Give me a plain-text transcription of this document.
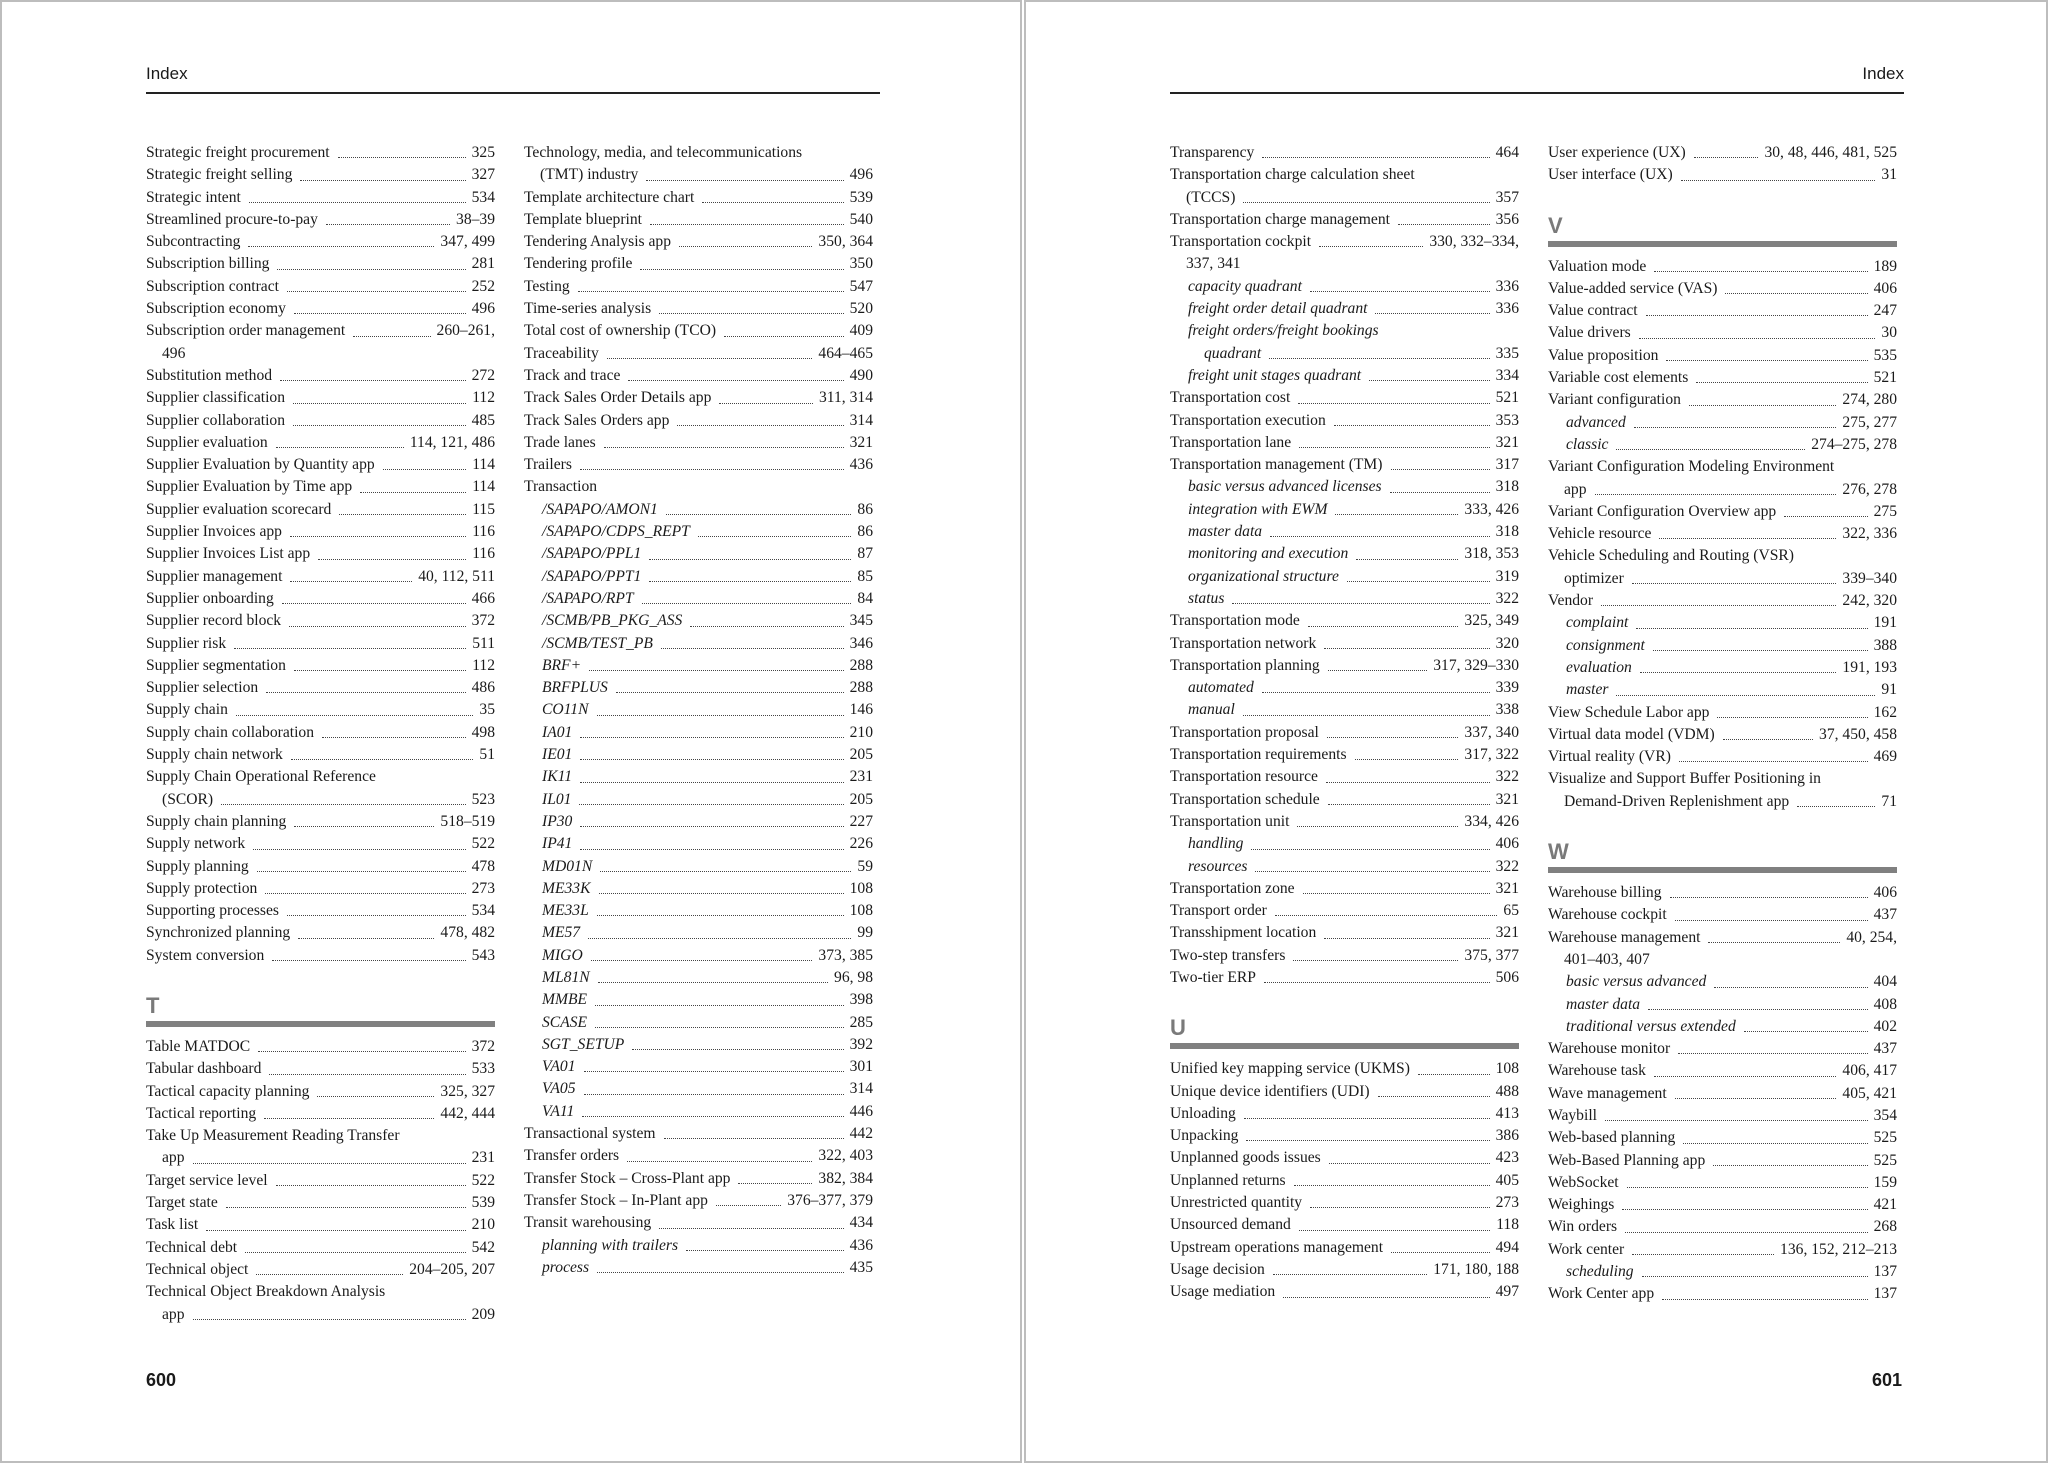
Index
Strategic freight procurement	325
Strategic freight selling	327
Strategic intent	534
Streamlined procure-to-pay	38–39
Subcontracting	347, 499
Subscription billing	281
Subscription contract	252
Subscription economy	496
Subscription order management	260–261,
496
Substitution method	272
Supplier classification	112
Supplier collaboration	485
Supplier evaluation	114, 121, 486
Supplier Evaluation by Quantity app	114
Supplier Evaluation by Time app	114
Supplier evaluation scorecard	115
Supplier Invoices app	116
Supplier Invoices List app	116
Supplier management	40, 112, 511
Supplier onboarding	466
Supplier record block	372
Supplier risk	511
Supplier segmentation	112
Supplier selection	486
Supply chain	35
Supply chain collaboration	498
Supply chain network	51
Supply Chain Operational Reference
(SCOR)	523
Supply chain planning	518–519
Supply network	522
Supply planning	478
Supply protection	273
Supporting processes	534
Synchronized planning	478, 482
System conversion	543
T
Table MATDOC	372
Tabular dashboard	533
Tactical capacity planning	325, 327
Tactical reporting	442, 444
Take Up Measurement Reading Transfer
app	231
Target service level	522
Target state	539
Task list	210
Technical debt	542
Technical object	204–205, 207
Technical Object Breakdown Analysis
app	209
Technology, media, and telecommunications
(TMT) industry	496
Template architecture chart	539
Template blueprint	540
Tendering Analysis app	350, 364
Tendering profile	350
Testing	547
Time-series analysis	520
Total cost of ownership (TCO)	409
Traceability	464–465
Track and trace	490
Track Sales Order Details app	311, 314
Track Sales Orders app	314
Trade lanes	321
Trailers	436
Transaction
/SAPAPO/AMON1	86
/SAPAPO/CDPS_REPT	86
/SAPAPO/PPL1	87
/SAPAPO/PPT1	85
/SAPAPO/RPT	84
/SCMB/PB_PKG_ASS	345
/SCMB/TEST_PB	346
BRF+	288
BRFPLUS	288
CO11N	146
IA01	210
IE01	205
IK11	231
IL01	205
IP30	227
IP41	226
MD01N	59
ME33K	108
ME33L	108
ME57	99
MIGO	373, 385
ML81N	96, 98
MMBE	398
SCASE	285
SGT_SETUP	392
VA01	301
VA05	314
VA11	446
Transactional system	442
Transfer orders	322, 403
Transfer Stock – Cross-Plant app	382, 384
Transfer Stock – In-Plant app	376–377, 379
Transit warehousing	434
planning with trailers	436
process	435
600
Index
Transparency	464
Transportation charge calculation sheet
(TCCS)	357
Transportation charge management	356
Transportation cockpit	330, 332–334,
337, 341
capacity quadrant	336
freight order detail quadrant	336
freight orders/freight bookings
quadrant	335
freight unit stages quadrant	334
Transportation cost	521
Transportation execution	353
Transportation lane	321
Transportation management (TM)	317
basic versus advanced licenses	318
integration with EWM	333, 426
master data	318
monitoring and execution	318, 353
organizational structure	319
status	322
Transportation mode	325, 349
Transportation network	320
Transportation planning	317, 329–330
automated	339
manual	338
Transportation proposal	337, 340
Transportation requirements	317, 322
Transportation resource	322
Transportation schedule	321
Transportation unit	334, 426
handling	406
resources	322
Transportation zone	321
Transport order	65
Transshipment location	321
Two-step transfers	375, 377
Two-tier ERP	506
U
Unified key mapping service (UKMS)	108
Unique device identifiers (UDI)	488
Unloading	413
Unpacking	386
Unplanned goods issues	423
Unplanned returns	405
Unrestricted quantity	273
Unsourced demand	118
Upstream operations management	494
Usage decision	171, 180, 188
Usage mediation	497
User experience (UX)	30, 48, 446, 481, 525
User interface (UX)	31
V
Valuation mode	189
Value-added service (VAS)	406
Value contract	247
Value drivers	30
Value proposition	535
Variable cost elements	521
Variant configuration	274, 280
advanced	275, 277
classic	274–275, 278
Variant Configuration Modeling Environment
app	276, 278
Variant Configuration Overview app	275
Vehicle resource	322, 336
Vehicle Scheduling and Routing (VSR)
optimizer	339–340
Vendor	242, 320
complaint	191
consignment	388
evaluation	191, 193
master	91
View Schedule Labor app	162
Virtual data model (VDM)	37, 450, 458
Virtual reality (VR)	469
Visualize and Support Buffer Positioning in
Demand-Driven Replenishment app	71
W
Warehouse billing	406
Warehouse cockpit	437
Warehouse management	40, 254,
401–403, 407
basic versus advanced	404
master data	408
traditional versus extended	402
Warehouse monitor	437
Warehouse task	406, 417
Wave management	405, 421
Waybill	354
Web-based planning	525
Web-Based Planning app	525
WebSocket	159
Weighings	421
Win orders	268
Work center	136, 152, 212–213
scheduling	137
Work Center app	137
601
